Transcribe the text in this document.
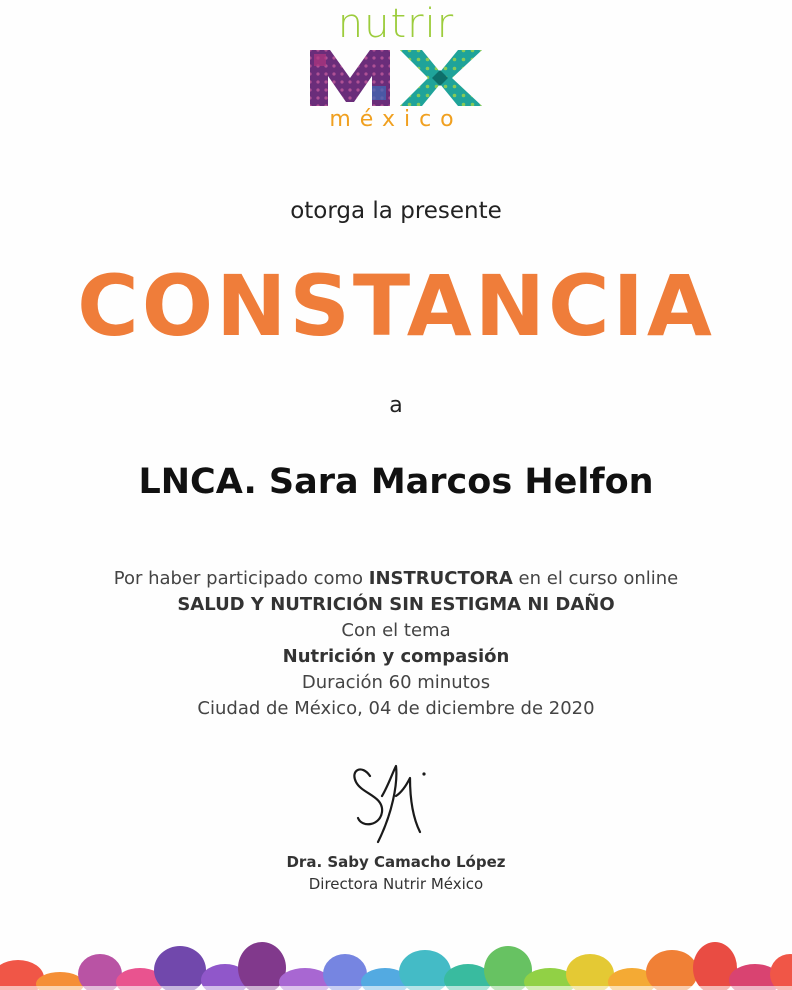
nutrir

méxico

otorga la presente

CONSTANCIA

a

LNCA. Sara Marcos Helfon

Por haber participado como INSTRUCTORA en el curso online
SALUD Y NUTRICIÓN SIN ESTIGMA NI DAÑO
Con el tema
Nutrición y compasión
Duración 60 minutos
Ciudad de México, 04 de diciembre de 2020

Dra. Saby Camacho López

Directora Nutrir México
